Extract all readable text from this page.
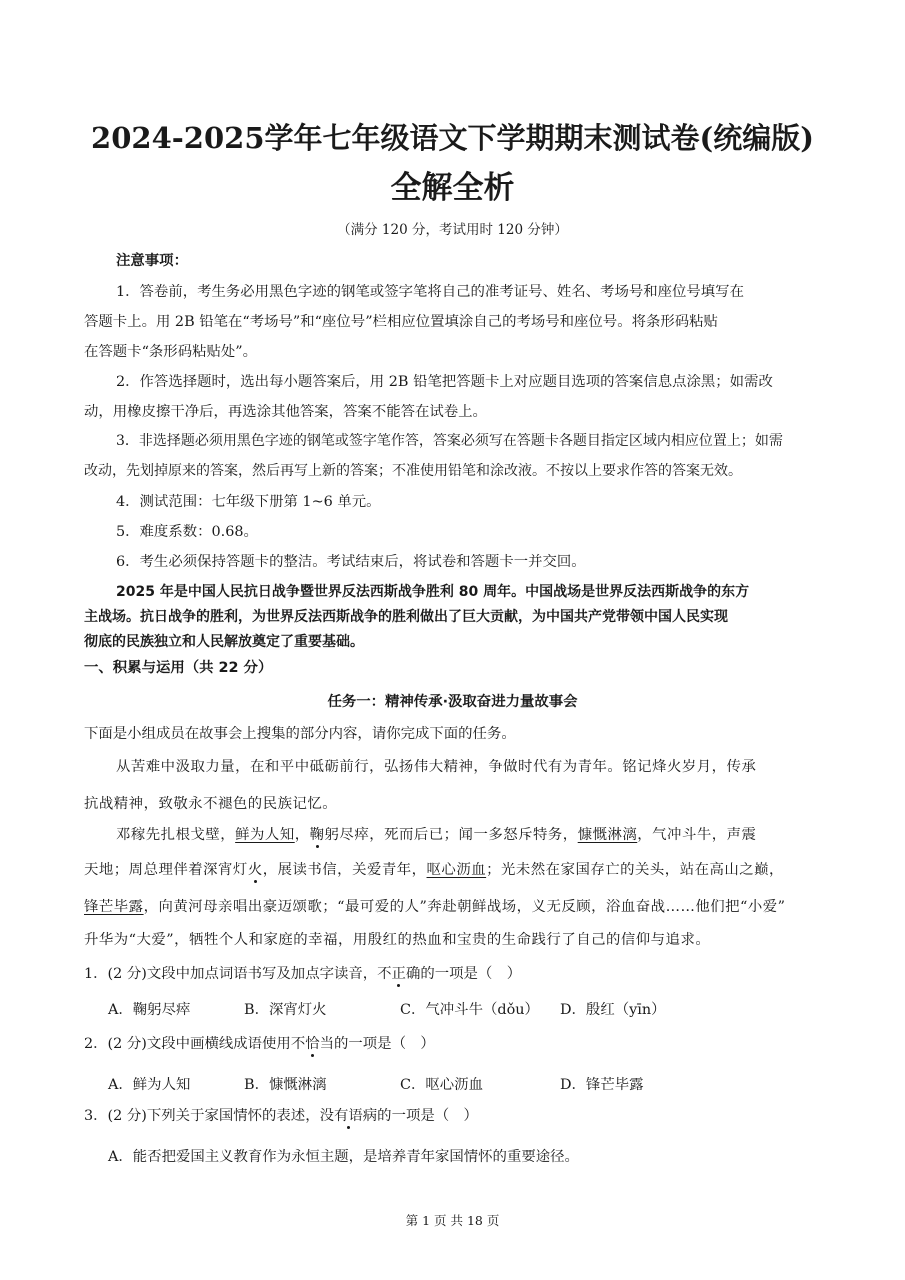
2024-2025学年七年级语文下学期期末测试卷(统编版)
全解全析
（满分 120 分，考试用时 120 分钟）
注意事项：
1．答卷前，考生务必用黑色字迹的钢笔或签字笔将自己的准考证号、姓名、考场号和座位号填写在
答题卡上。用 2B 铅笔在“考场号”和“座位号”栏相应位置填涂自己的考场号和座位号。将条形码粘贴
在答题卡“条形码粘贴处”。
2．作答选择题时，选出每小题答案后，用 2B 铅笔把答题卡上对应题目选项的答案信息点涂黑；如需改
动，用橡皮擦干净后，再选涂其他答案，答案不能答在试卷上。
3．非选择题必须用黑色字迹的钢笔或签字笔作答，答案必须写在答题卡各题目指定区域内相应位置上；如需
改动，先划掉原来的答案，然后再写上新的答案；不准使用铅笔和涂改液。不按以上要求作答的答案无效。
4．测试范围：七年级下册第 1~6 单元。
5．难度系数：0.68。
6．考生必须保持答题卡的整洁。考试结束后，将试卷和答题卡一并交回。
2025 年是中国人民抗日战争暨世界反法西斯战争胜利 80 周年。中国战场是世界反法西斯战争的东方
主战场。抗日战争的胜利，为世界反法西斯战争的胜利做出了巨大贡献，为中国共产党带领中国人民实现
彻底的民族独立和人民解放奠定了重要基础。
一、积累与运用（共 22 分）
任务一：精神传承·汲取奋进力量故事会
下面是小组成员在故事会上搜集的部分内容，请你完成下面的任务。
从苦难中汲取力量，在和平中砥砺前行，弘扬伟大精神，争做时代有为青年。铭记烽火岁月，传承
抗战精神，致敬永不褪色的民族记忆。
邓稼先扎根戈壁，鲜为人知，鞠躬尽瘁，死而后已；闻一多怒斥特务，慷慨淋漓，气冲斗牛，声震
天地；周总理伴着深宵灯火，展读书信，关爱青年，呕心沥血；光未然在家国存亡的关头，站在高山之巅，
锋芒毕露，向黄河母亲唱出豪迈颂歌；“最可爱的人”奔赴朝鲜战场，义无反顾，浴血奋战……他们把“小爱”
升华为“大爱”，牺牲个人和家庭的幸福，用殷红的热血和宝贵的生命践行了自己的信仰与追求。
1．(2 分)文段中加点词语书写及加点字读音，不正确的一项是（　）
A．鞠躬尽瘁	B．深宵灯火	C．气冲斗牛（dǒu） D．殷红（yīn）
2．(2 分)文段中画横线成语使用不恰当的一项是（　）
A．鲜为人知	B．慷慨淋漓	C．呕心沥血	D．锋芒毕露
3．(2 分)下列关于家国情怀的表述，没有语病的一项是（　）
A．能否把爱国主义教育作为永恒主题，是培养青年家国情怀的重要途径。
第 1 页 共 18 页
